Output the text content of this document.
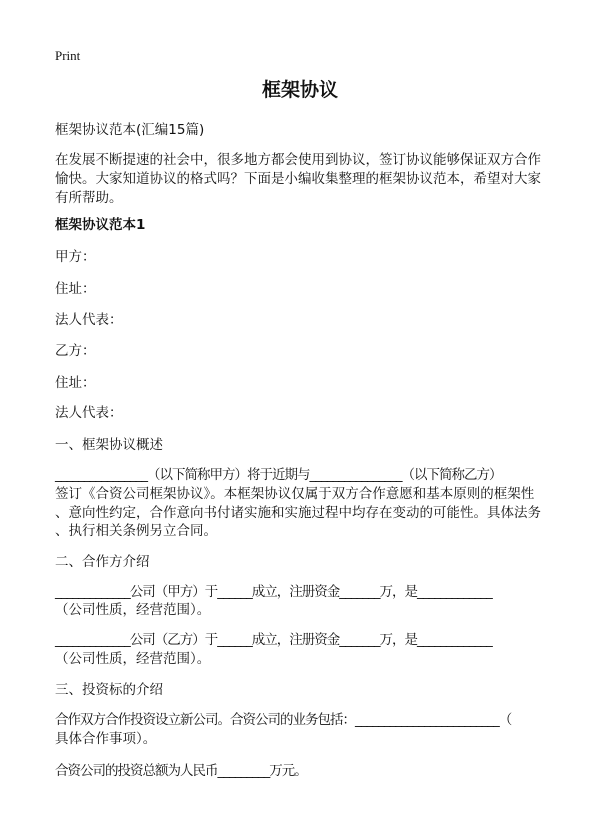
Print
框架协议
框架协议范本(汇编15篇)
在发展不断提速的社会中，很多地方都会使用到协议，签订协议能够保证双方合作
愉快。大家知道协议的格式吗？下面是小编收集整理的框架协议范本，希望对大家
有所帮助。
框架协议范本1
甲方：
住址：
法人代表：
乙方：
住址：
法人代表：
一、框架协议概述
________________（以下简称甲方）将于近期与________________（以下简称乙方）
签订《合资公司框架协议》。本框架协议仅属于双方合作意愿和基本原则的框架性
、意向性约定，合作意向书付诸实施和实施过程中均存在变动的可能性。具体法务
、执行相关条例另立合同。
二、合作方介绍
_____________公司（甲方）于______成立，注册资金_______万，是_____________
（公司性质，经营范围）。
_____________公司（乙方）于______成立，注册资金_______万，是_____________
（公司性质，经营范围）。
三、投资标的介绍
合作双方合作投资设立新公司。合资公司的业务包括：_________________________（
具体合作事项）。
合资公司的投资总额为人民币_________万元。
